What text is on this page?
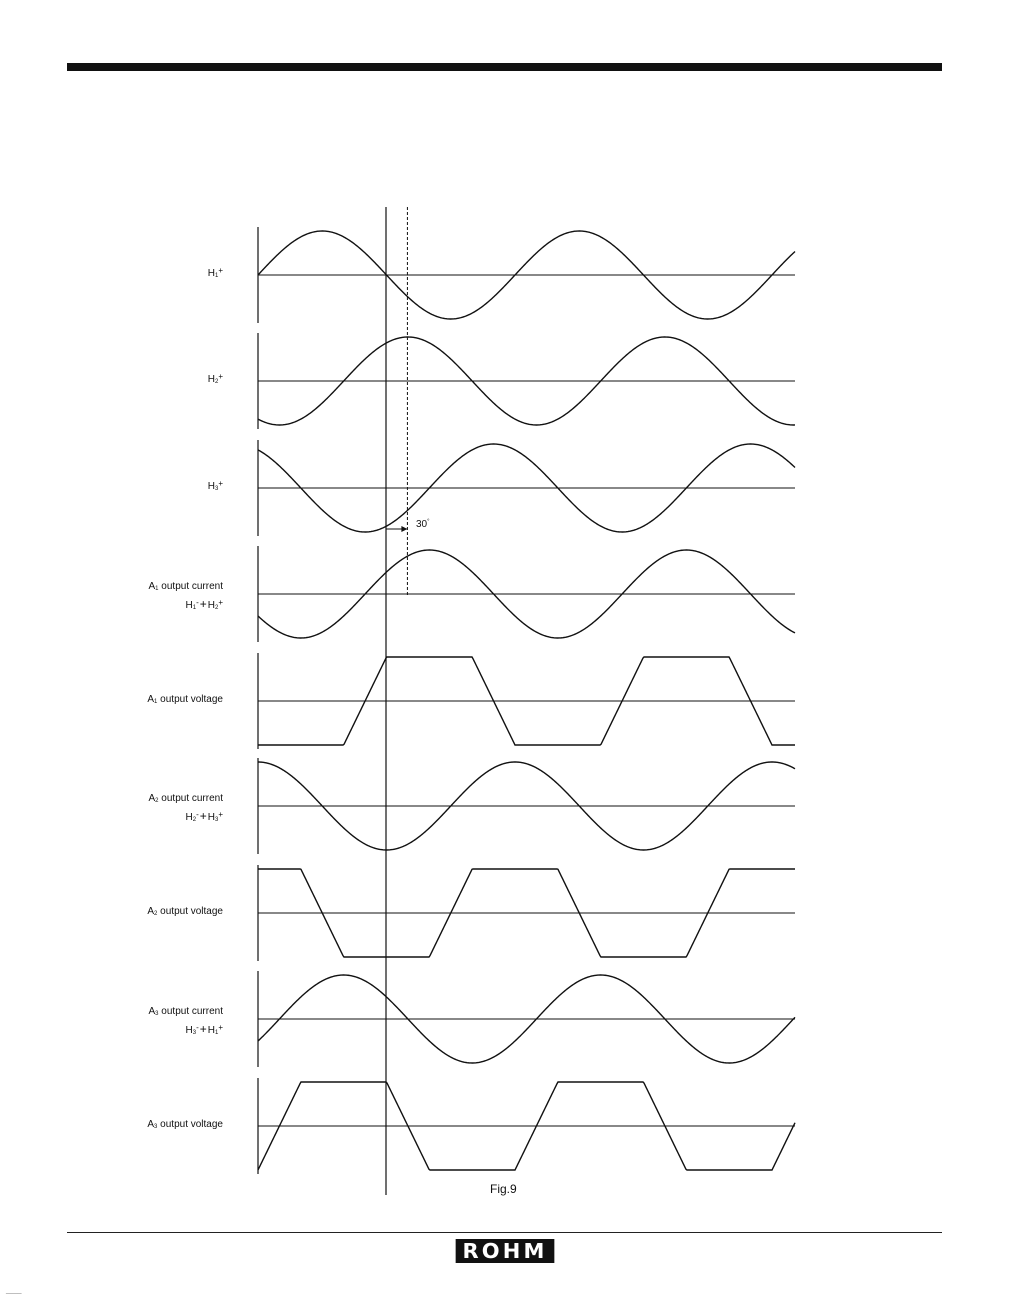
$H_1^+$
$H_2^+$
$H_3^+$
$A_1$ output current
$H_1^-+H_2^+$
$A_1$ output voltage
$A_2$ output current
$H_2^-+H_3^+$
$A_2$ output voltage
$A_3$ output current
$H_3^-+H_1^+$
$A_3$ output voltage
30°
Fig.9
ROHM
____
